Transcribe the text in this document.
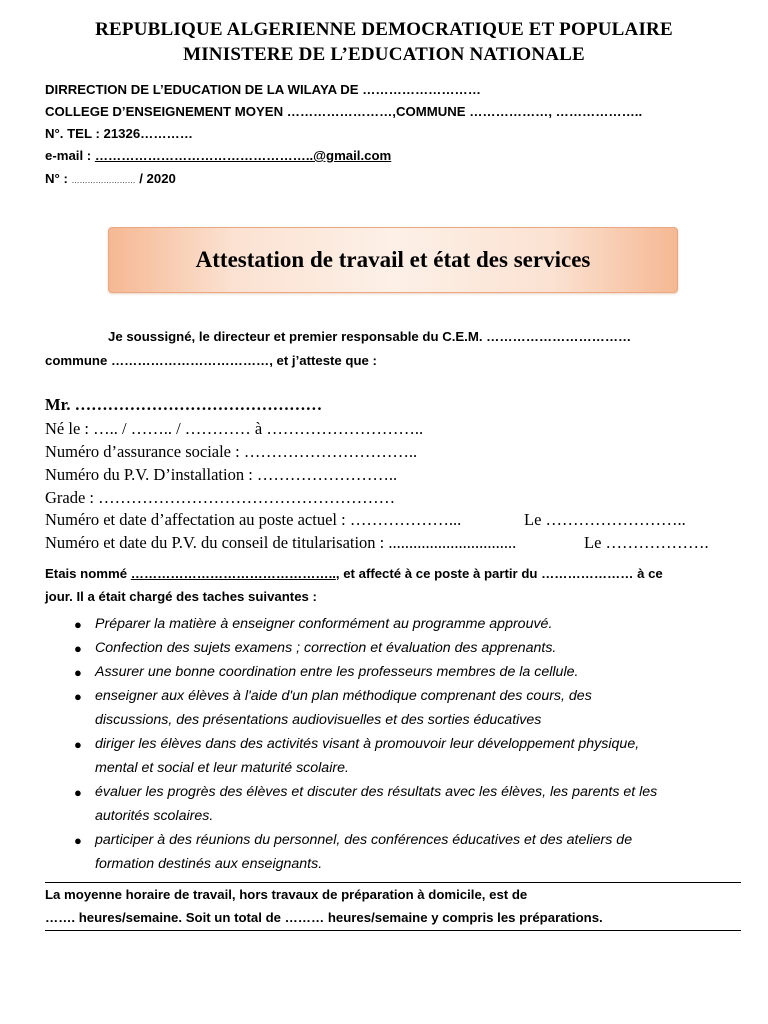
REPUBLIQUE ALGERIENNE DEMOCRATIQUE ET POPULAIRE
MINISTERE DE L’EDUCATION NATIONALE
DIRRECTION DE L’EDUCATION DE LA WILAYA DE ………………………
COLLEGE D’ENSEIGNEMENT MOYEN ……………………,COMMUNE ………………, ………………..
N°. TEL : 21326…………
e-mail : …………………………………………..@gmail.com
N° : …………………… / 2020
Attestation de travail et état des services
Je soussigné, le directeur et premier responsable du C.E.M. ……………………………
commune ………………………………, et j’atteste que :
Mr. ………………………………………
Né le : ….. / …….. / ………… à ………………………..
Numéro d’assurance sociale : …………………………..
Numéro du P.V. D’installation : ……………………..
Grade : ………………………………………………
Numéro et date d’affectation au poste actuel : ………………...	Le ……………………..
Numéro et date du P.V. du conseil de titularisation : ...............................	Le ……………….
Etais nommé ……………………………………….., et affecté à ce poste à partir du ………………… à ce
jour. Il a était chargé des taches suivantes :
● Préparer la matière à enseigner conformément au programme approuvé.
● Confection des sujets examens ; correction et évaluation des apprenants.
● Assurer une bonne coordination entre les professeurs membres de la cellule.
● enseigner aux élèves à l'aide d'un plan méthodique comprenant des cours, des
discussions, des présentations audiovisuelles et des sorties éducatives
● diriger les élèves dans des activités visant à promouvoir leur développement physique,
mental et social et leur maturité scolaire.
● évaluer les progrès des élèves et discuter des résultats avec les élèves, les parents et les
autorités scolaires.
● participer à des réunions du personnel, des conférences éducatives et des ateliers de
formation destinés aux enseignants.
La moyenne horaire de travail, hors travaux de préparation à domicile, est de
……. heures/semaine. Soit un total de ……… heures/semaine y compris les préparations.
